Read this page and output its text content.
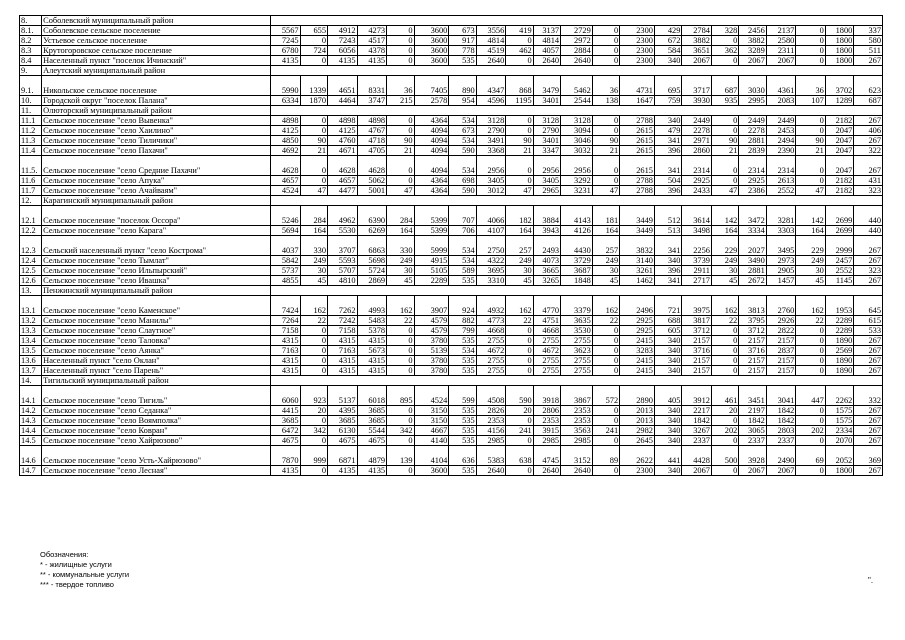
8.	Соболевский муниципальный район																					
8.1.	Соболевское сельское поселение	5567	655	4912	4273	0	3600	673	3556	419	3137	2729	0	2300	429	2784	328	2456	2137	0	1800	337
8.2	Устьевое сельское поселение	7245	0	7243	4517	0	3600	917	4814	0	4814	2972	0	2300	672	3882	0	3882	2580	0	1800	580
8.3	Крутогоровское сельское поселение	6780	724	6056	4378	0	3600	778	4519	462	4057	2884	0	2300	584	3651	362	3289	2311	0	1800	511
8.4	Населенный пункт "поселок Ичинский"	4135	0	4135	4135	0	3600	535	2640	0	2640	2640	0	2300	340	2067	0	2067	2067	0	1800	267
9.	Алеутский муниципальный район																					
9.1.	Никольское сельское поселение	5990	1339	4651	8331	36	7405	890	4347	868	3479	5462	36	4731	695	3717	687	3030	4361	36	3702	623
10.	Городской округ "поселок Палана"	6334	1870	4464	3747	215	2578	954	4596	1195	3401	2544	138	1647	759	3930	935	2995	2083	107	1289	687
11.	Олюторский муниципальный район																					
11.1	Сельское поселение "село Вывенка"	4898	0	4898	4898	0	4364	534	3128	0	3128	3128	0	2788	340	2449	0	2449	2449	0	2182	267
11.2	Сельское поселение "село Хаилино"	4125	0	4125	4767	0	4094	673	2790	0	2790	3094	0	2615	479	2278	0	2278	2453	0	2047	406
11.3	Сельское поселение "село Тиличики"	4850	90	4760	4718	90	4094	534	3491	90	3401	3046	90	2615	341	2971	90	2881	2494	90	2047	267
11.4	Сельское поселение "село Пахачи"	4692	21	4671	4705	21	4094	590	3368	21	3347	3032	21	2615	396	2860	21	2839	2390	21	2047	322
11.5.	Сельское поселение "село Средние Пахачи"	4628	0	4628	4628	0	4094	534	2956	0	2956	2956	0	2615	341	2314	0	2314	2314	0	2047	267
11.6	Сельское поселение "село Апука"	4657	0	4657	5062	0	4364	698	3405	0	3405	3292	0	2788	504	2925	0	2925	2613	0	2182	431
11.7	Сельское поселение "село Ачайваям"	4524	47	4477	5001	47	4364	590	3012	47	2965	3231	47	2788	396	2433	47	2386	2552	47	2182	323
12.	Карагинский муниципальный район																					
12.1	Сельское поселение "поселок Оссора"	5246	284	4962	6390	284	5399	707	4066	182	3884	4143	181	3449	512	3614	142	3472	3281	142	2699	440
12.2	Сельское поселение "село Карага"	5694	164	5530	6269	164	5399	706	4107	164	3943	4126	164	3449	513	3498	164	3334	3303	164	2699	440
12.3	Сельский населенный пункт "село Кострома"	4037	330	3707	6863	330	5999	534	2750	257	2493	4430	257	3832	341	2256	229	2027	3495	229	2999	267
12.4	Сельское поселение "село Тымлат"	5842	249	5593	5698	249	4915	534	4322	249	4073	3729	249	3140	340	3739	249	3490	2973	249	2457	267
12.5	Сельское поселение "село Ильпырский"	5737	30	5707	5724	30	5105	589	3695	30	3665	3687	30	3261	396	2911	30	2881	2905	30	2552	323
12.6	Сельское поселение "село Ивашка"	4855	45	4810	2869	45	2289	535	3310	45	3265	1848	45	1462	341	2717	45	2672	1457	45	1145	267
13.	Пенжинский муниципальный район																					
13.1	Сельское поселение "село Каменское"	7424	162	7262	4993	162	3907	924	4932	162	4770	3379	162	2496	721	3975	162	3813	2760	162	1953	645
13.2	Сельское поселение "село Манилы"	7264	22	7242	5483	22	4579	882	4773	22	4751	3635	22	2925	688	3817	22	3795	2926	22	2289	615
13.3	Сельское поселение "село Слаутное"	7158	0	7158	5378	0	4579	799	4668	0	4668	3530	0	2925	605	3712	0	3712	2822	0	2289	533
13.4	Сельское поселение "село Таловка"	4315	0	4315	4315	0	3780	535	2755	0	2755	2755	0	2415	340	2157	0	2157	2157	0	1890	267
13.5	Сельское поселение "село Аянка"	7163	0	7163	5673	0	5139	534	4672	0	4672	3623	0	3283	340	3716	0	3716	2837	0	2569	267
13.6	Населенный пункт "село Оклан"	4315	0	4315	4315	0	3780	535	2755	0	2755	2755	0	2415	340	2157	0	2157	2157	0	1890	267
13.7	Населенный пункт "село Парень"	4315	0	4315	4315	0	3780	535	2755	0	2755	2755	0	2415	340	2157	0	2157	2157	0	1890	267
14.	Тигильский муниципальный район																					
14.1	Сельское поселение "село Тигиль"	6060	923	5137	6018	895	4524	599	4508	590	3918	3867	572	2890	405	3912	461	3451	3041	447	2262	332
14.2	Сельское поселение "село Седанка"	4415	20	4395	3685	0	3150	535	2826	20	2806	2353	0	2013	340	2217	20	2197	1842	0	1575	267
14.3	Сельское поселение "село Воямполка"	3685	0	3685	3685	0	3150	535	2353	0	2353	2353	0	2013	340	1842	0	1842	1842	0	1575	267
14.4	Сельское поселение "село Ковран"	6472	342	6130	5544	342	4667	535	4156	241	3915	3563	241	2982	340	3267	202	3065	2803	202	2334	267
14.5	Сельское поселение "село Хайрюзово"	4675	0	4675	4675	0	4140	535	2985	0	2985	2985	0	2645	340	2337	0	2337	2337	0	2070	267
14.6	Сельское поселение "село Усть-Хайрюзово"	7870	999	6871	4879	139	4104	636	5383	638	4745	3152	89	2622	441	4428	500	3928	2490	69	2052	369
14.7	Сельское поселение "село Лесная"	4135	0	4135	4135	0	3600	535	2640	0	2640	2640	0	2300	340	2067	0	2067	2067	0	1800	267
Обозначения:
* - жилищные услуги
** - коммунальные услуги
*** - твердое топливо	".
